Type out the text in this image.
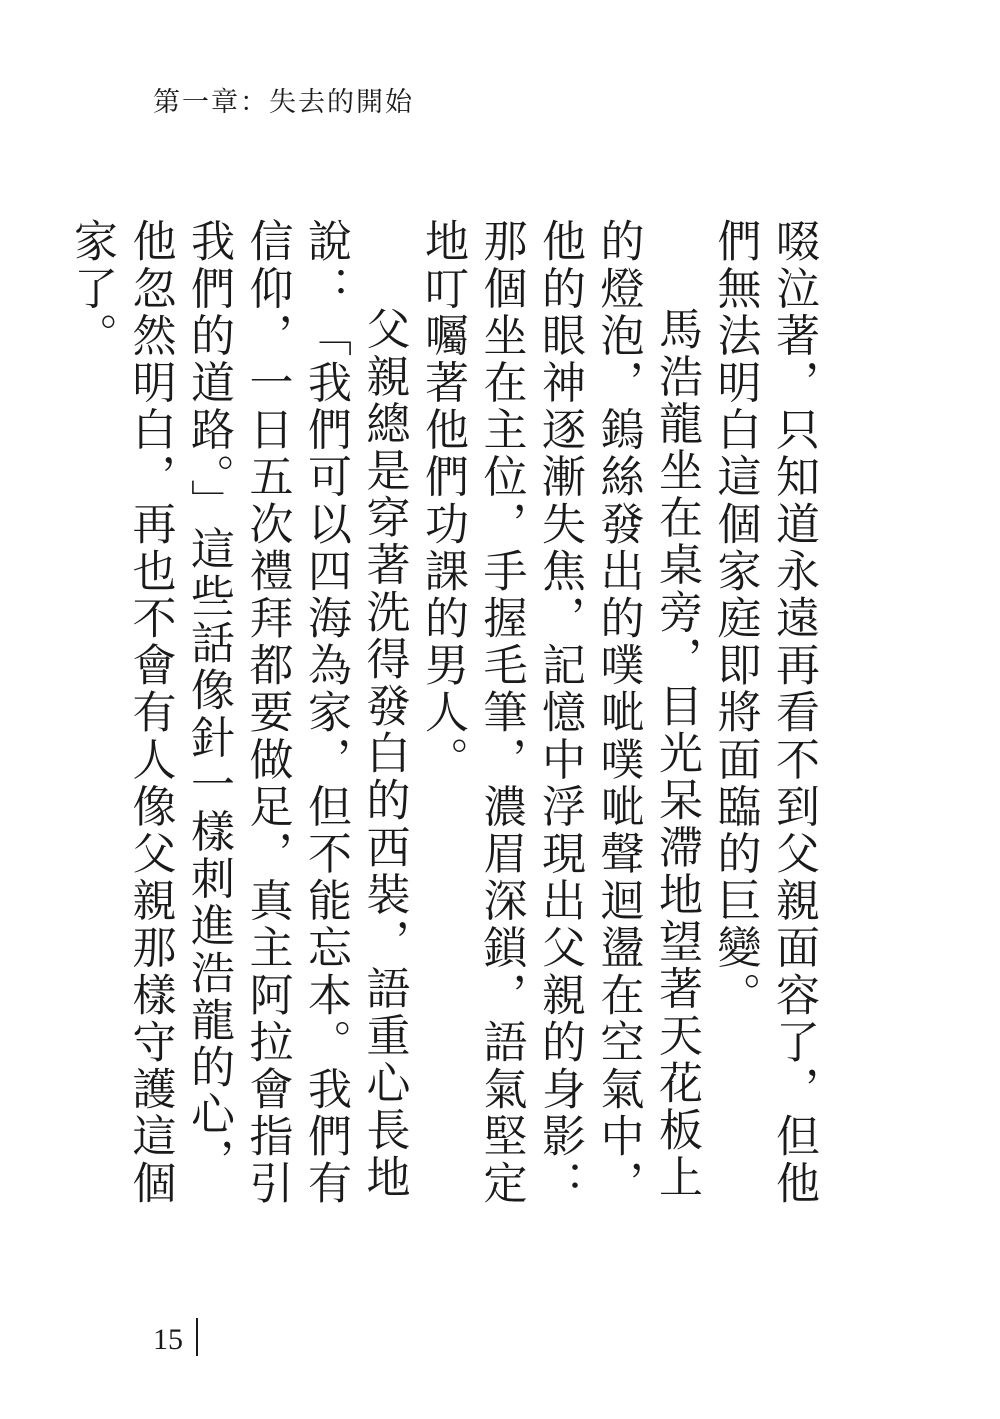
第一章：失去的開始

啜泣著，只知道永遠再看不到父親面容了，但他們無法明白這個家庭即將面臨的巨變。

馬浩龍坐在桌旁，目光呆滯地望著天花板上的燈泡，鎢絲發出的噗呲噗呲聲迴盪在空氣中，他的眼神逐漸失焦，記憶中浮現出父親的身影：那個坐在主位，手握毛筆，濃眉深鎖，語氣堅定地叮囑著他們功課的男人。

父親總是穿著洗得發白的西裝，語重心長地說：「我們可以四海為家，但不能忘本。我們有信仰，一日五次禮拜都要做足，真主阿拉會指引我們的道路。」這些話像針一樣刺進浩龍的心，他忽然明白，再也不會有人像父親那樣守護這個家了。

15
